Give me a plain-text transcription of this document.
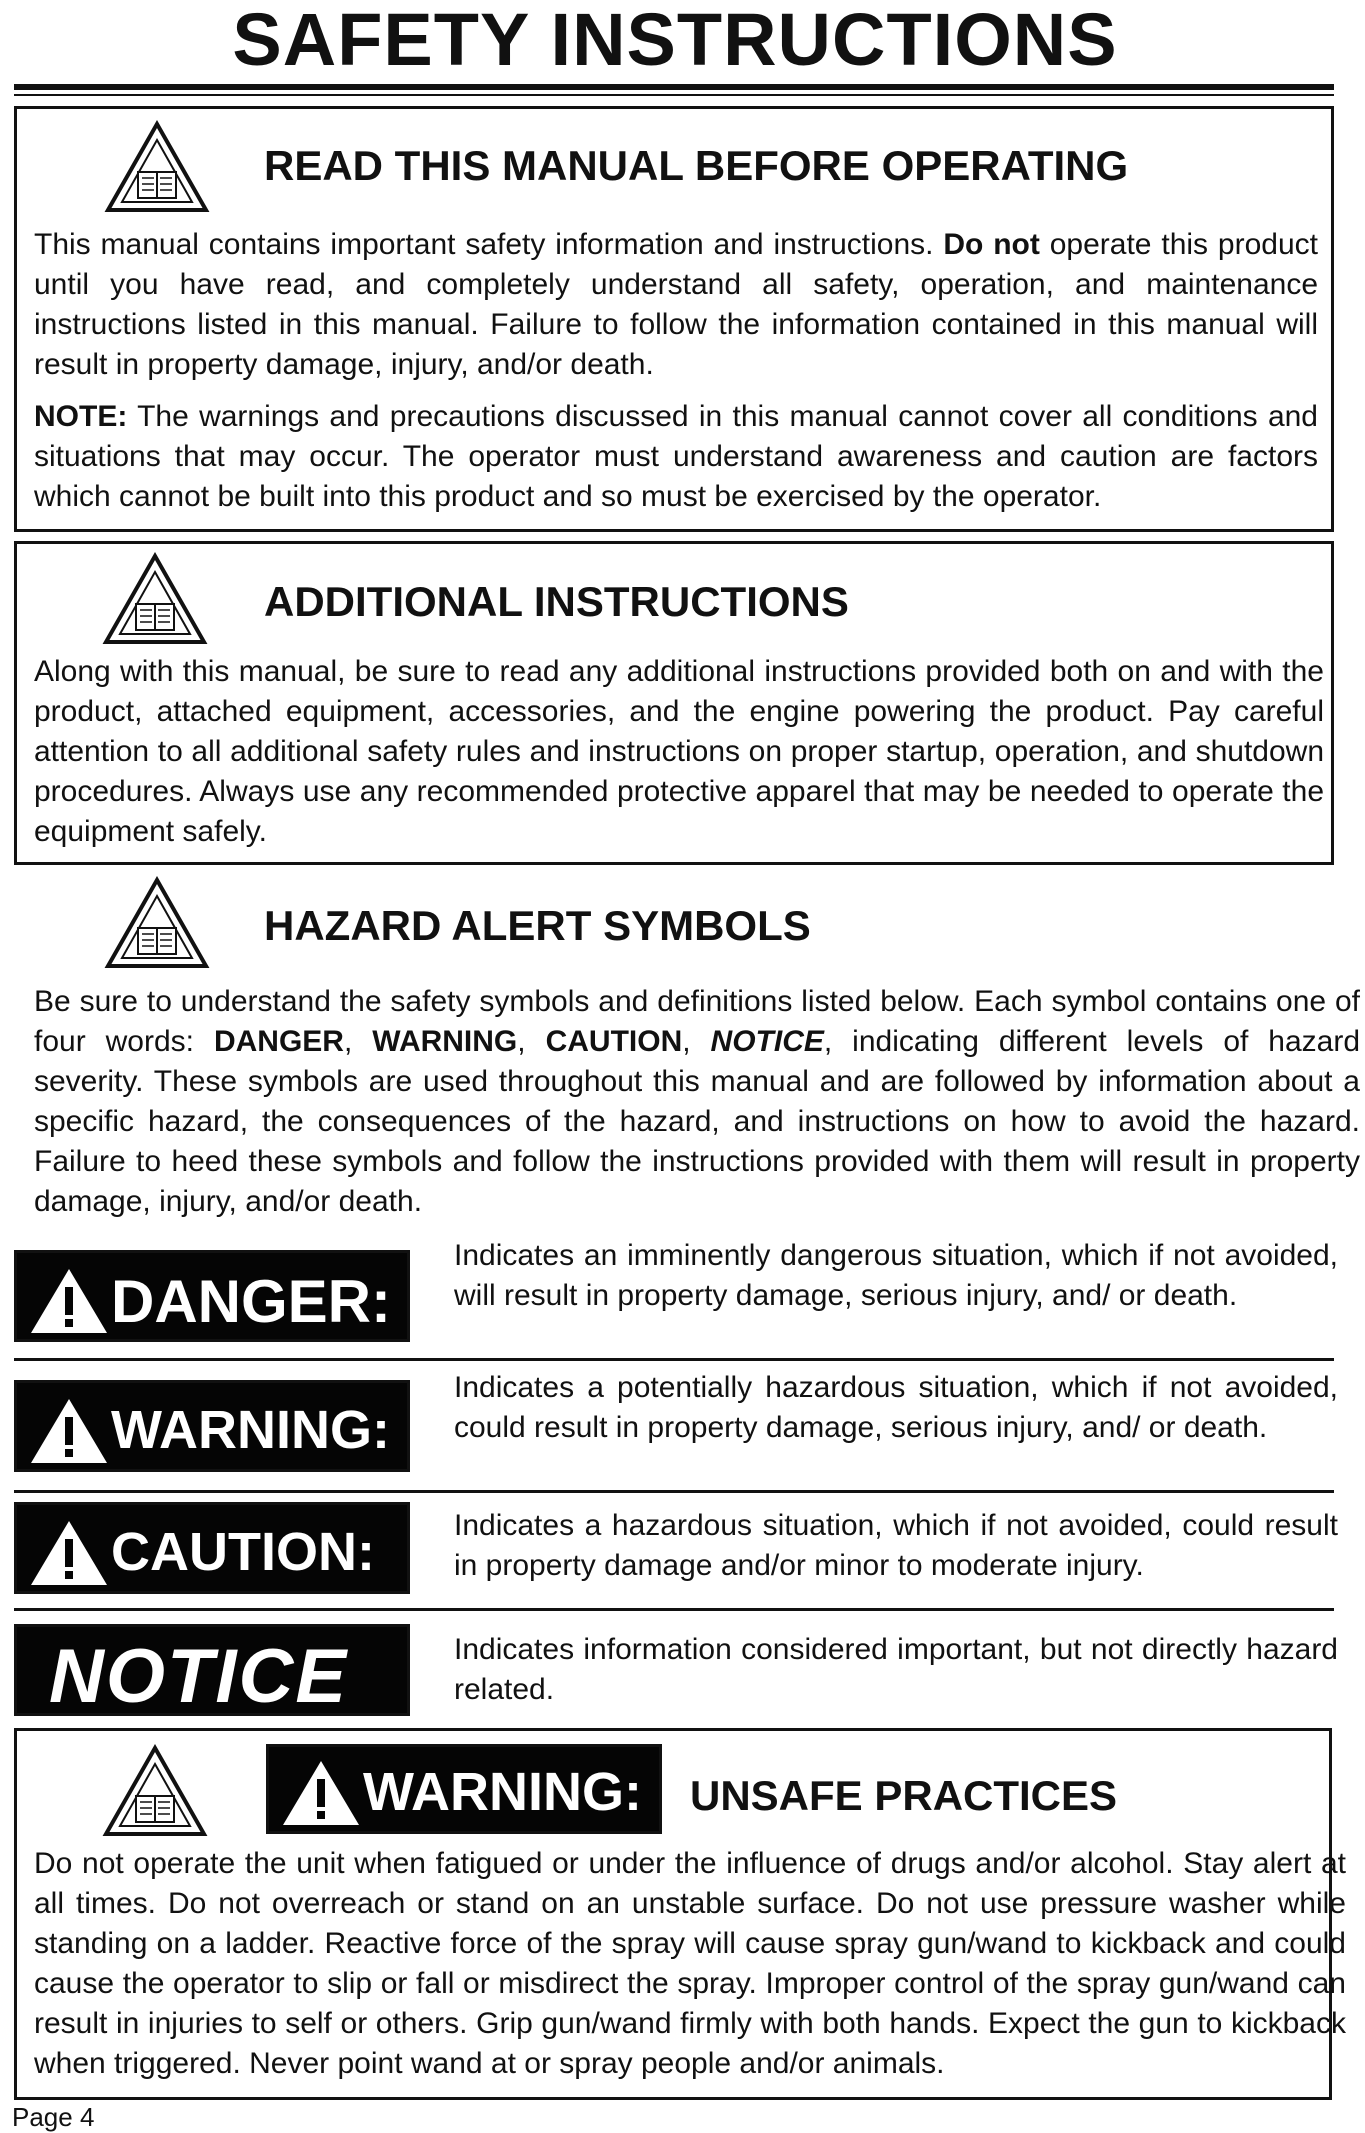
SAFETY INSTRUCTIONS
READ THIS MANUAL BEFORE OPERATING

This manual contains important safety information and instructions. Do not operate this product until you have read, and completely understand all safety, operation, and maintenance instructions listed in this manual. Failure to follow the information contained in this manual will result in property damage, injury, and/or death.

NOTE: The warnings and precautions discussed in this manual cannot cover all conditions and situations that may occur. The operator must understand awareness and caution are factors which cannot be built into this product and so must be exercised by the operator.

ADDITIONAL INSTRUCTIONS

Along with this manual, be sure to read any additional instructions provided both on and with the product, attached equipment, accessories, and the engine powering the product. Pay careful attention to all additional safety rules and instructions on proper startup, operation, and shutdown procedures. Always use any recommended protective apparel that may be needed to operate the equipment safely.

HAZARD ALERT SYMBOLS

Be sure to understand the safety symbols and definitions listed below. Each symbol contains one of four words: DANGER, WARNING, CAUTION, NOTICE, indicating different levels of hazard severity. These symbols are used throughout this manual and are followed by information about a specific hazard, the consequences of the hazard, and instructions on how to avoid the hazard. Failure to heed these symbols and follow the instructions provided with them will result in property damage, injury, and/or death.

DANGER:

Indicates an imminently dangerous situation, which if not avoided, will result in property damage, serious injury, and/ or death.

WARNING:

Indicates a potentially hazardous situation, which if not avoided, could result in property damage, serious injury, and/ or death.

CAUTION:	Indicates a hazardous situation, which if not avoided, could result in property damage and/or minor to moderate injury.

NOTICE	Indicates information considered important, but not directly hazard related.

WARNING: UNSAFE PRACTICES

Do not operate the unit when fatigued or under the influence of drugs and/or alcohol. Stay alert at all times. Do not overreach or stand on an unstable surface. Do not use pressure washer while standing on a ladder. Reactive force of the spray will cause spray gun/wand to kickback and could cause the operator to slip or fall or misdirect the spray. Improper control of the spray gun/wand can result in injuries to self or others. Grip gun/wand firmly with both hands. Expect the gun to kickback when triggered. Never point wand at or spray people and/or animals.

Page 4
